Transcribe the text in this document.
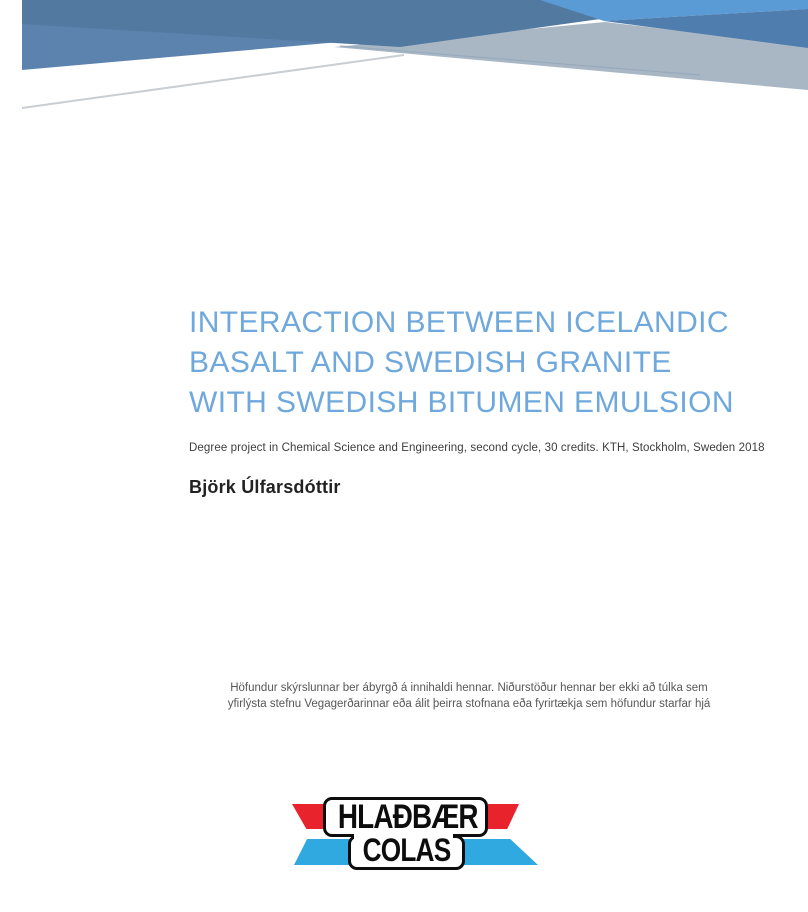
INTERACTION BETWEEN ICELANDIC
BASALT AND SWEDISH GRANITE
WITH SWEDISH BITUMEN EMULSION
Degree project in Chemical Science and Engineering, second cycle, 30 credits. KTH, Stockholm, Sweden 2018
Björk Úlfarsdóttir
Höfundur skýrslunnar ber ábyrgð á innihaldi hennar. Niðurstöður hennar ber ekki að túlka sem
yfirlýsta stefnu Vegagerðarinnar eða álit þeirra stofnana eða fyrirtækja sem höfundur starfar hjá
HLAÐBÆR
COLAS
